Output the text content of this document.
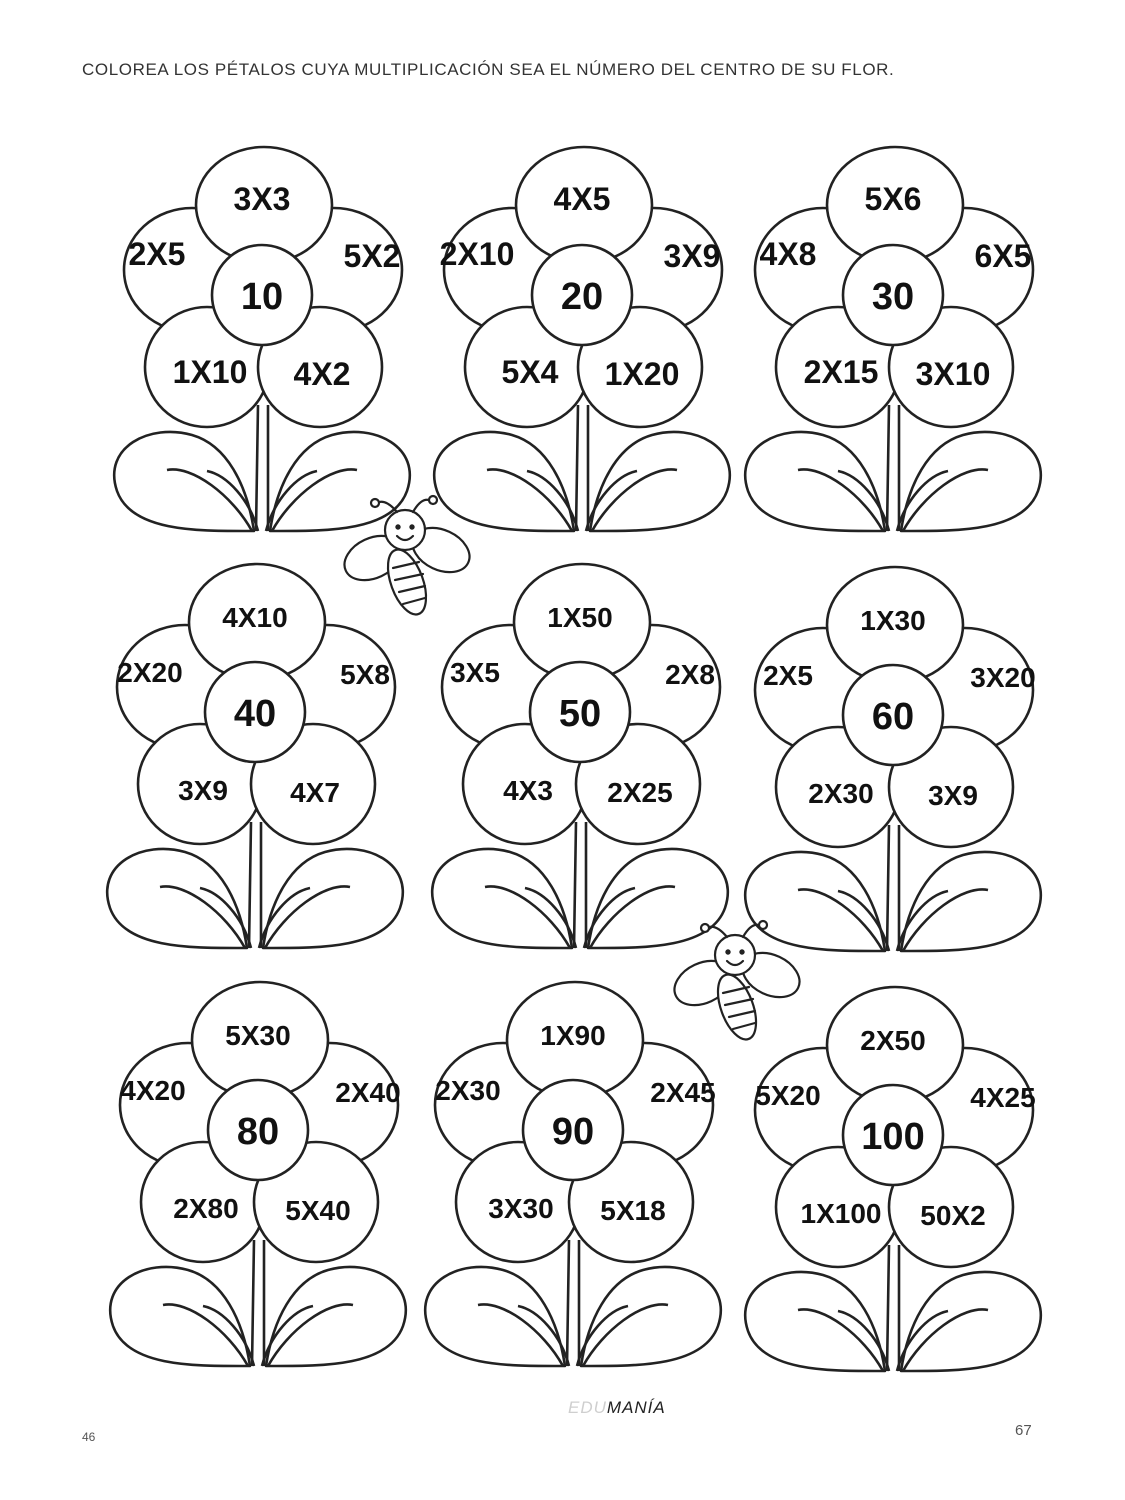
COLOREA LOS PÉTALOS CUYA MULTIPLICACIÓN SEA EL NÚMERO DEL CENTRO DE SU FLOR.
10
3X3
2X5	5X2
1X10 4X2
20
4X5
2X10	3X9
5X4 1X20
30
5X6
4X8	6X5
2X15 3X10
40
4X10
2X20	5X8
3X9 4X7
50
1X50
3X5	2X8
4X3 2X25
60
1X30
2X5	3X20
2X30 3X9
80
5X30
4X20	2X40
2X80 5X40
90
1X90
2X30	2X45
3X30 5X18
100
2X50
5X20	4X25
1X100 50X2
EDUMANÍA
46	67
